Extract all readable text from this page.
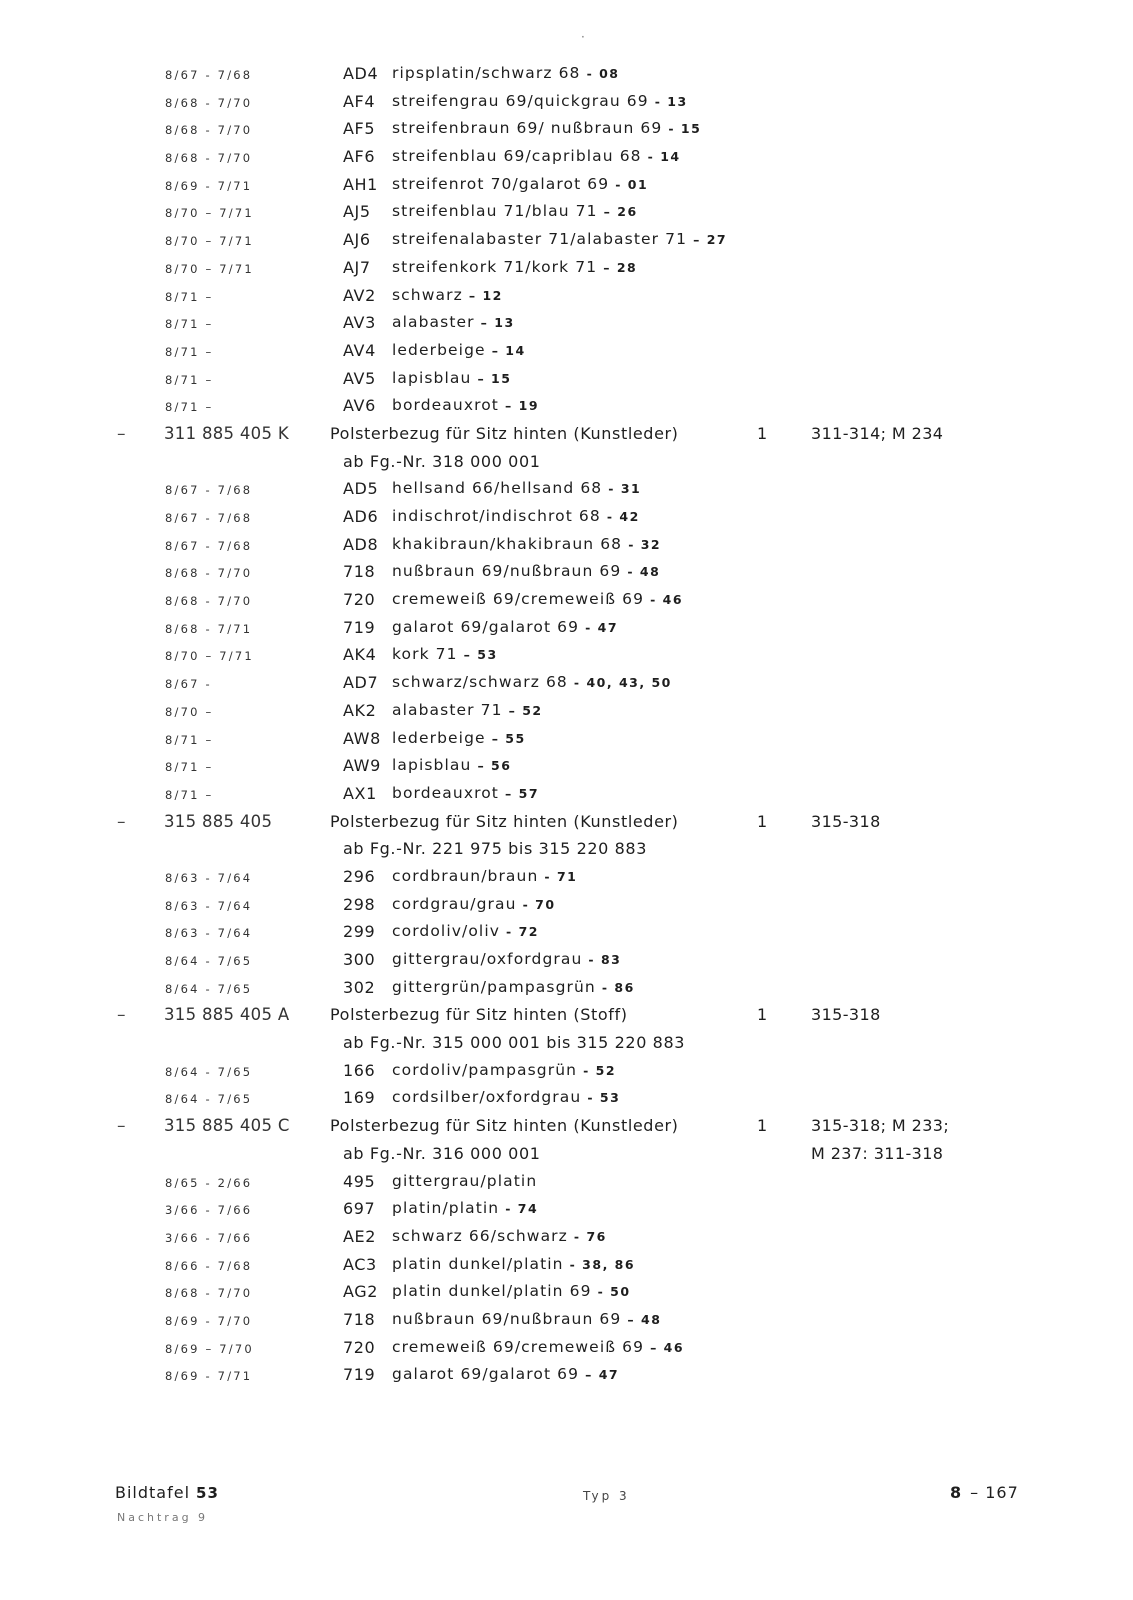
·
8/67 - 7/68	AD4 ripsplatin/schwarz 68 - 08
8/68 - 7/70	AF4 streifengrau 69/quickgrau 69 - 13
8/68 - 7/70	AF5 streifenbraun 69/ nußbraun 69 - 15
8/68 - 7/70	AF6 streifenblau 69/capriblau 68 - 14
8/69 - 7/71	AH1 streifenrot 70/galarot 69 - 01
8/70 – 7/71	AJ5 streifenblau 71/blau 71 – 26
8/70 – 7/71	AJ6 streifenalabaster 71/alabaster 71 – 27
8/70 – 7/71	AJ7 streifenkork 71/kork 71 – 28
8/71 –	AV2 schwarz – 12
8/71 –	AV3 alabaster – 13
8/71 –	AV4 lederbeige – 14
8/71 –	AV5 lapisblau – 15
8/71 –	AV6 bordeauxrot – 19
– 311 885 405 K	Polsterbezug für Sitz hinten (Kunstleder)	1	311-314; M 234
ab Fg.-Nr. 318 000 001
8/67 - 7/68	AD5 hellsand 66/hellsand 68 - 31
8/67 - 7/68	AD6 indischrot/indischrot 68 - 42
8/67 - 7/68	AD8 khakibraun/khakibraun 68 - 32
8/68 - 7/70	718 nußbraun 69/nußbraun 69 - 48
8/68 - 7/70	720 cremeweiß 69/cremeweiß 69 - 46
8/68 - 7/71	719 galarot 69/galarot 69 - 47
8/70 – 7/71	AK4 kork 71 – 53
8/67 -	AD7 schwarz/schwarz 68 - 40, 43, 50
8/70 –	AK2 alabaster 71 – 52
8/71 –	AW8 lederbeige – 55
8/71 –	AW9 lapisblau – 56
8/71 –	AX1 bordeauxrot – 57
– 315 885 405	Polsterbezug für Sitz hinten (Kunstleder)	1	315-318
ab Fg.-Nr. 221 975 bis 315 220 883
8/63 - 7/64	296 cordbraun/braun - 71
8/63 - 7/64	298 cordgrau/grau - 70
8/63 - 7/64	299 cordoliv/oliv - 72
8/64 - 7/65	300 gittergrau/oxfordgrau - 83
8/64 - 7/65	302 gittergrün/pampasgrün - 86
– 315 885 405 A	Polsterbezug für Sitz hinten (Stoff)	1	315-318
ab Fg.-Nr. 315 000 001 bis 315 220 883
8/64 - 7/65	166 cordoliv/pampasgrün - 52
8/64 - 7/65	169 cordsilber/oxfordgrau - 53
– 315 885 405 C	Polsterbezug für Sitz hinten (Kunstleder)	1	315-318; M 233;
ab Fg.-Nr. 316 000 001	M 237: 311-318
8/65 - 2/66	495 gittergrau/platin
3/66 - 7/66	697 platin/platin - 74
3/66 - 7/66	AE2 schwarz 66/schwarz - 76
8/66 - 7/68	AC3 platin dunkel/platin - 38, 86
8/68 - 7/70	AG2 platin dunkel/platin 69 - 50
8/69 - 7/70	718 nußbraun 69/nußbraun 69 – 48
8/69 – 7/70	720 cremeweiß 69/cremeweiß 69 – 46
8/69 - 7/71	719 galarot 69/galarot 69 – 47
Bildtafel 53
Nachtrag 9
Typ 3	8 – 167
